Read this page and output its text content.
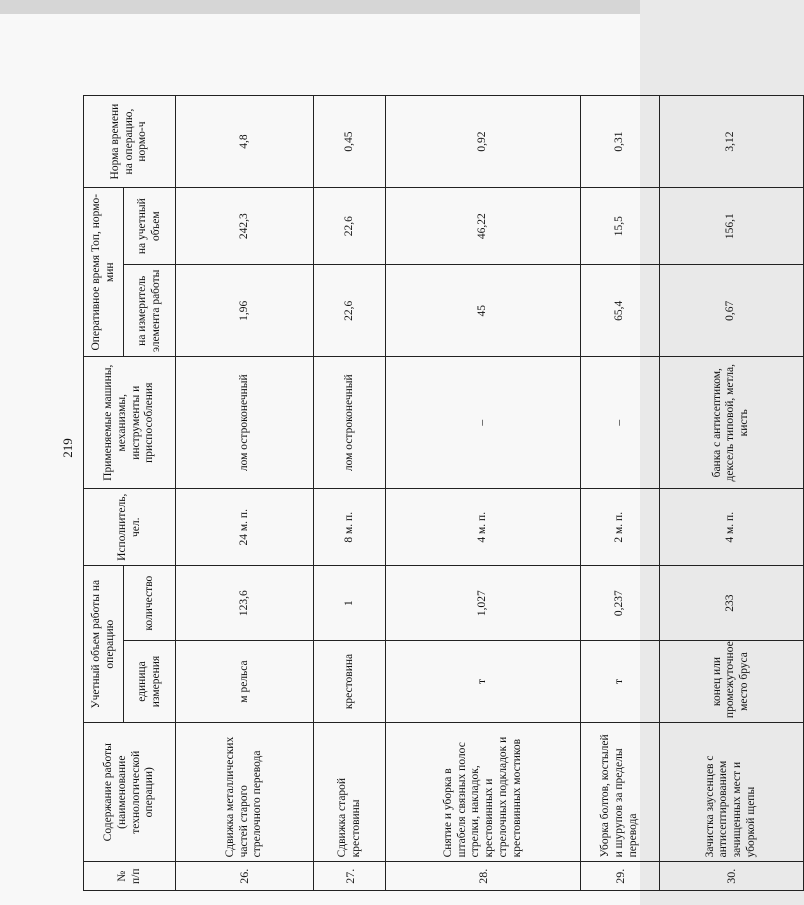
219
№ п/п	Содержание работы (наименование технологической операции)	Учетный объем работы на операцию		Исполнитель, чел.	Применяемые машины, механизмы, инструменты и приспособления	Оперативное время Топ, нормо-мин		Норма времени на операцию, нормо-ч
		единица измерения	количество			на измеритель элемента работы	на учетный объем	
26.	Сдвижка металлических частей старого стрелочного перевода	м рельса	123,6	24 м. п.	лом остроконечный	1,96	242,3	4,8
27.	Сдвижка старой крестовины	крестовина	1	8 м. п.	лом остроконечный	22,6	22,6	0,45
28.	Снятие и уборка в штабеля связных полос стрелки, накладок, крестовинных и стрелочных подкладок и крестовинных мостиков	т	1,027	4 м. п.	–	45	46,22	0,92
29.	Уборка болтов, костылей и шурупов за пределы перевода	т	0,237	2 м. п.	–	65,4	15,5	0,31
30.	Зачистка заусенцев с антисептированием зачищенных мест и уборкой щепы	конец или промежуточное место бруса	233	4 м. п.	банка с антисептиком, дексель типовой, метла, кисть	0,67	156,1	3,12
